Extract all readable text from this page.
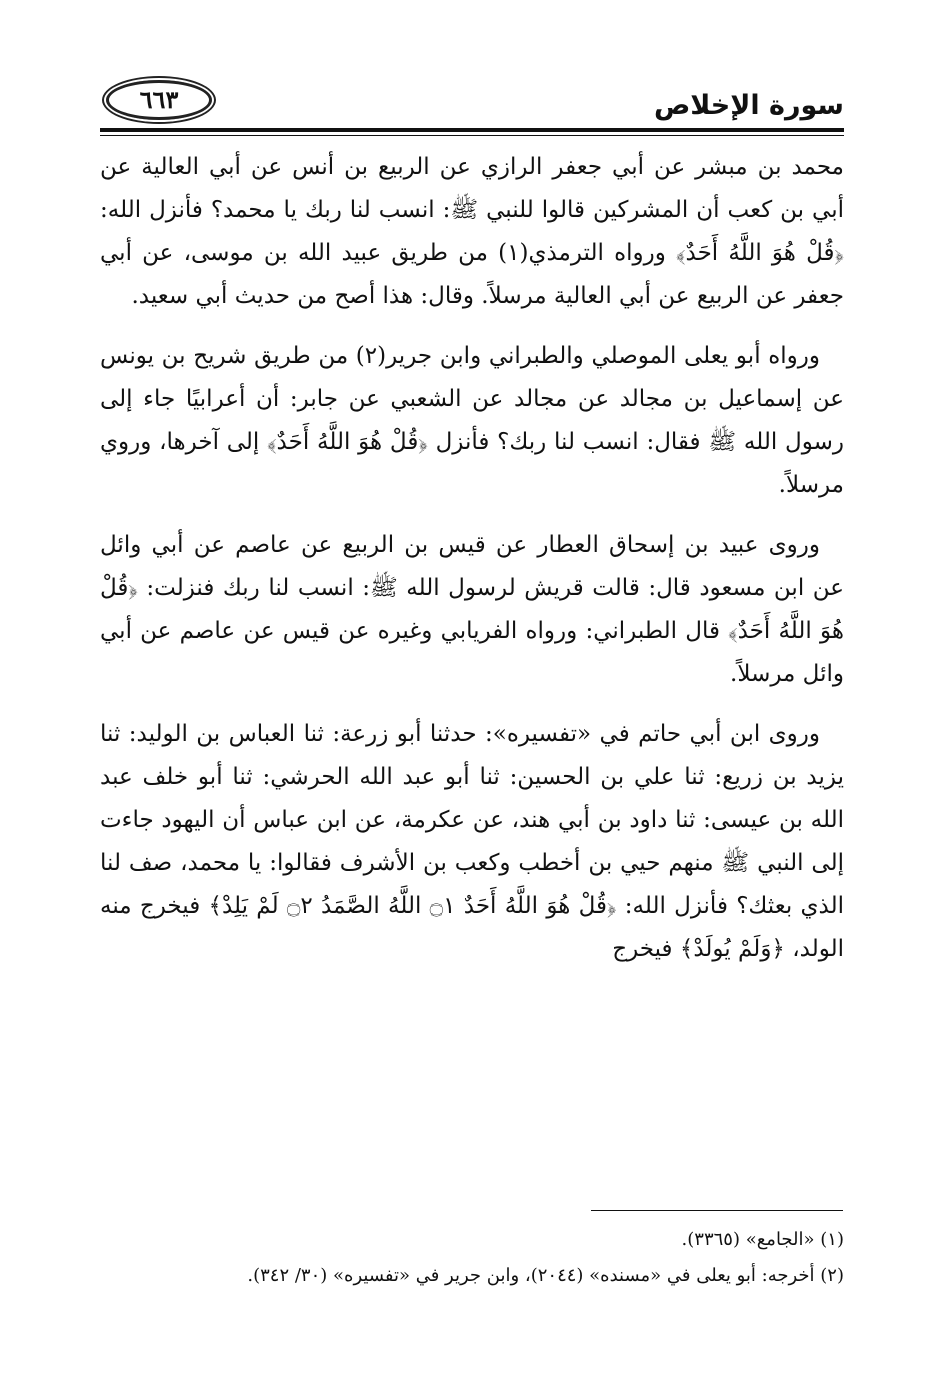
سورة الإخلاص
٦٦٣

محمد بن مبشر عن أبي جعفر الرازي عن الربيع بن أنس عن أبي العالية عن أبي بن كعب أن المشركين قالوا للنبي ﷺ: انسب لنا ربك يا محمد؟ فأنزل الله: ﴿قُلْ هُوَ اللَّهُ أَحَدٌ﴾ ورواه الترمذي(١) من طريق عبيد الله بن موسى، عن أبي جعفر عن الربيع عن أبي العالية مرسلاً. وقال: هذا أصح من حديث أبي سعيد.

ورواه أبو يعلى الموصلي والطبراني وابن جرير(٢) من طريق شريح بن يونس عن إسماعيل بن مجالد عن مجالد عن الشعبي عن جابر: أن أعرابيًا جاء إلى رسول الله ﷺ فقال: انسب لنا ربك؟ فأنزل ﴿قُلْ هُوَ اللَّهُ أَحَدٌ﴾ إلى آخرها، وروي مرسلاً.

وروى عبيد بن إسحاق العطار عن قيس بن الربيع عن عاصم عن أبي وائل عن ابن مسعود قال: قالت قريش لرسول الله ﷺ: انسب لنا ربك فنزلت: ﴿قُلْ هُوَ اللَّهُ أَحَدٌ﴾ قال الطبراني: ورواه الفريابي وغيره عن قيس عن عاصم عن أبي وائل مرسلاً.

وروى ابن أبي حاتم في «تفسيره»: حدثنا أبو زرعة: ثنا العباس بن الوليد: ثنا يزيد بن زريع: ثنا علي بن الحسين: ثنا أبو عبد الله الحرشي: ثنا أبو خلف عبد الله بن عيسى: ثنا داود بن أبي هند، عن عكرمة، عن ابن عباس أن اليهود جاءت إلى النبي ﷺ منهم حيي بن أخطب وكعب بن الأشرف فقالوا: يا محمد، صف لنا الذي بعثك؟ فأنزل الله: ﴿قُلْ هُوَ اللَّهُ أَحَدٌ ۝١ اللَّهُ الصَّمَدُ ۝٢ لَمْ يَلِدْ﴾ فيخرج منه الولد، ﴿وَلَمْ يُولَدْ﴾ فيخرج

(١) «الجامع» (٣٣٦٥).
(٢) أخرجه: أبو يعلى في «مسنده» (٢٠٤٤)، وابن جرير في «تفسيره» (٣٠/ ٣٤٢).
